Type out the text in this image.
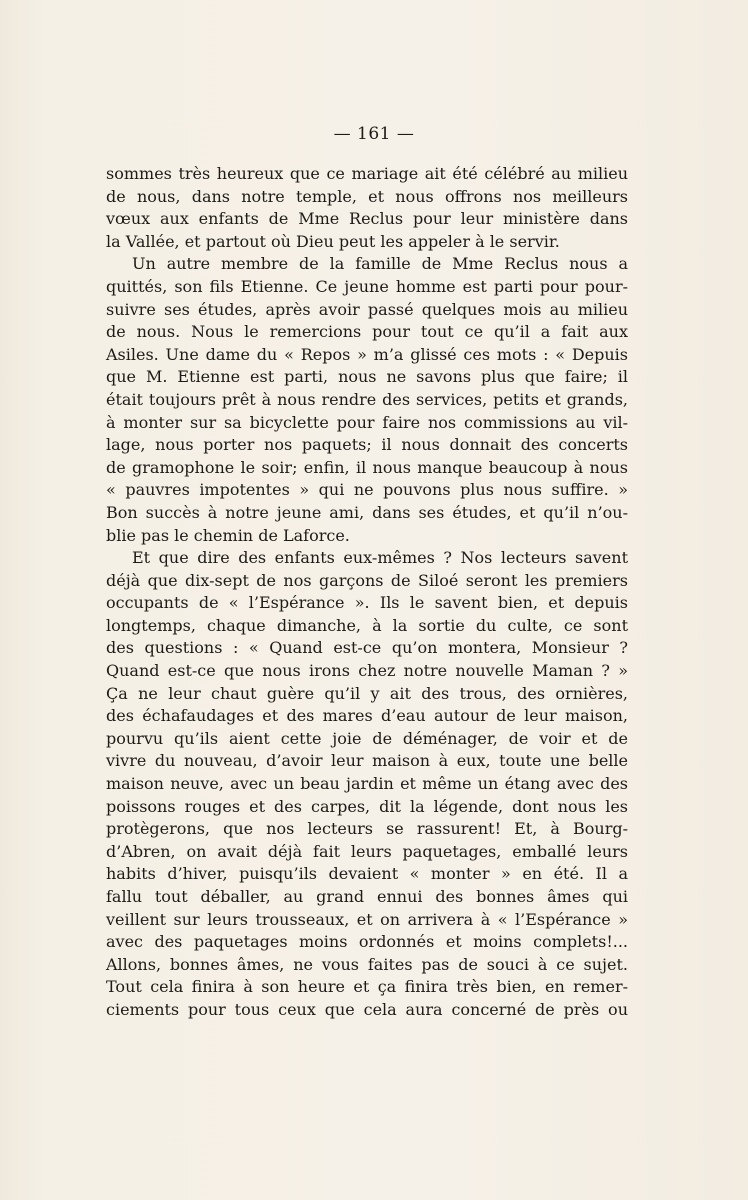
— 161 —
sommes très heureux que ce mariage ait été célébré au milieu
de nous, dans notre temple, et nous offrons nos meilleurs
vœux aux enfants de Mme Reclus pour leur ministère dans
la Vallée, et partout où Dieu peut les appeler à le servir.
Un autre membre de la famille de Mme Reclus nous a
quittés, son fils Etienne. Ce jeune homme est parti pour pour-
suivre ses études, après avoir passé quelques mois au milieu
de nous. Nous le remercions pour tout ce qu’il a fait aux
Asiles. Une dame du « Repos » m’a glissé ces mots : « Depuis
que M. Etienne est parti, nous ne savons plus que faire; il
était toujours prêt à nous rendre des services, petits et grands,
à monter sur sa bicyclette pour faire nos commissions au vil-
lage, nous porter nos paquets; il nous donnait des concerts
de gramophone le soir; enfin, il nous manque beaucoup à nous
« pauvres impotentes » qui ne pouvons plus nous suffire. »
Bon succès à notre jeune ami, dans ses études, et qu’il n’ou-
blie pas le chemin de Laforce.
Et que dire des enfants eux-mêmes ? Nos lecteurs savent
déjà que dix-sept de nos garçons de Siloé seront les premiers
occupants de « l’Espérance ». Ils le savent bien, et depuis
longtemps, chaque dimanche, à la sortie du culte, ce sont
des questions : « Quand est-ce qu’on montera, Monsieur ?
Quand est-ce que nous irons chez notre nouvelle Maman ? »
Ça ne leur chaut guère qu’il y ait des trous, des ornières,
des échafaudages et des mares d’eau autour de leur maison,
pourvu qu’ils aient cette joie de déménager, de voir et de
vivre du nouveau, d’avoir leur maison à eux, toute une belle
maison neuve, avec un beau jardin et même un étang avec des
poissons rouges et des carpes, dit la légende, dont nous les
protègerons, que nos lecteurs se rassurent! Et, à Bourg-
d’Abren, on avait déjà fait leurs paquetages, emballé leurs
habits d’hiver, puisqu’ils devaient « monter » en été. Il a
fallu tout déballer, au grand ennui des bonnes âmes qui
veillent sur leurs trousseaux, et on arrivera à « l’Espérance »
avec des paquetages moins ordonnés et moins complets!...
Allons, bonnes âmes, ne vous faites pas de souci à ce sujet.
Tout cela finira à son heure et ça finira très bien, en remer-
ciements pour tous ceux que cela aura concerné de près ou
